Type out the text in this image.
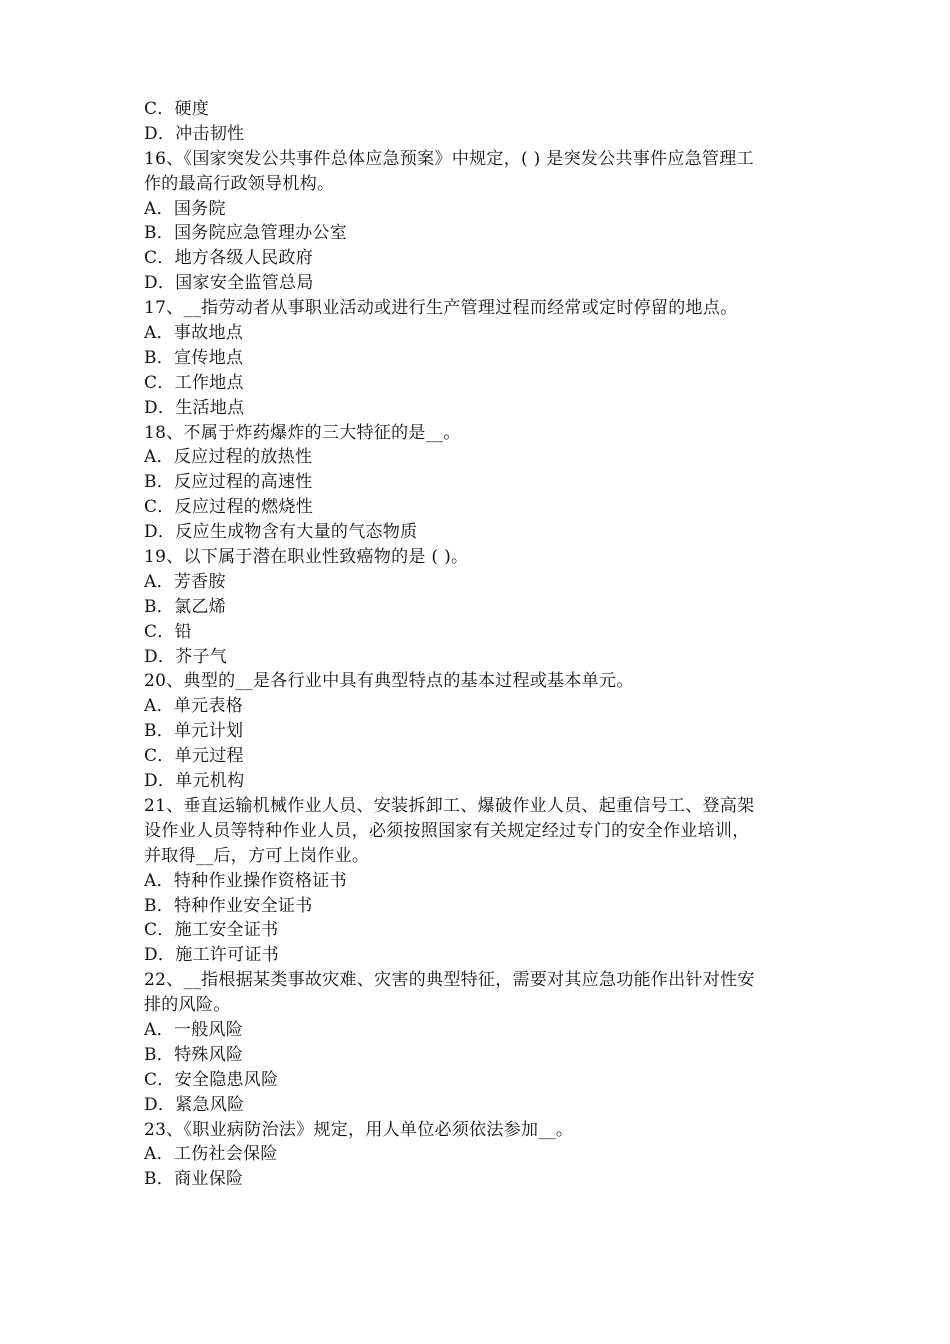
C．硬度
D．冲击韧性
16、《国家突发公共事件总体应急预案》中规定，( ) 是突发公共事件应急管理工
作的最高行政领导机构。
A．国务院
B．国务院应急管理办公室
C．地方各级人民政府
D．国家安全监管总局
17、__指劳动者从事职业活动或进行生产管理过程而经常或定时停留的地点。
A．事故地点
B．宣传地点
C．工作地点
D．生活地点
18、不属于炸药爆炸的三大特征的是__。
A．反应过程的放热性
B．反应过程的高速性
C．反应过程的燃烧性
D．反应生成物含有大量的气态物质
19、以下属于潜在职业性致癌物的是 ( )。
A．芳香胺
B．氯乙烯
C．铅
D．芥子气
20、典型的__是各行业中具有典型特点的基本过程或基本单元。
A．单元表格
B．单元计划
C．单元过程
D．单元机构
21、垂直运输机械作业人员、安装拆卸工、爆破作业人员、起重信号工、登高架
设作业人员等特种作业人员，必须按照国家有关规定经过专门的安全作业培训，
并取得__后，方可上岗作业。
A．特种作业操作资格证书
B．特种作业安全证书
C．施工安全证书
D．施工许可证书
22、__指根据某类事故灾难、灾害的典型特征，需要对其应急功能作出针对性安
排的风险。
A．一般风险
B．特殊风险
C．安全隐患风险
D．紧急风险
23、《职业病防治法》规定，用人单位必须依法参加__。
A．工伤社会保险
B．商业保险
